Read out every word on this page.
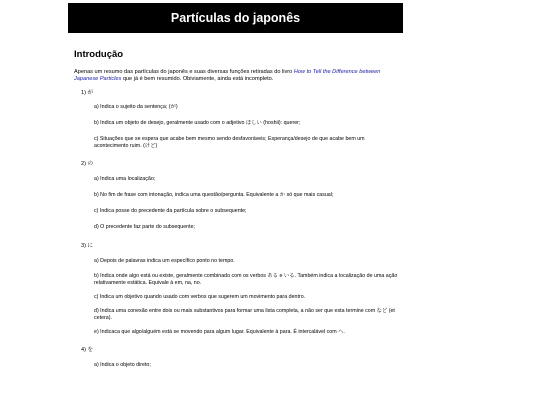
Partículas do japonês
Introdução

Apenas um resumo das partículas do japonês e suas diversas funções retiradas do livro How to Tell the Difference between Japanese Particles que já é bem resumido. Obiviamente, ainda está incompleto.

1) が
a) Indica o sujeito da sentença; (が)
b) Indica um objeto de desejo, geralmente usado com o adjetivo ほしい (hoshii): querer;
c) Situações que se espera que acabe bem mesmo sendo desfavoráveis; Esperança/desejo de que acabe bem um acontecimento ruim. (けど)
2) の
a) Indica uma localização;
b) No fim de frase com intonação, indica uma questão/pergunta. Equivalente a か só que mais casual;
c) Indica posse do precedente da partícula sobre o subsequente;
d) O precedente faz parte do subsequente;
3) に
a) Depois de palavras indica um específico ponto no tempo.
b) Indica onde algo está ou existe, geralmente combinado com os verbos ある e いる. Também indica a localização de uma ação relativamente estática. Equivale à em, na, no.
c) Indica um objetivo quando usado com verbos que sugerem um movimento para dentro.
d) Indica uma conexão entre dois ou mais substantivos para formar uma lista completa, a não ser que esta termine com など (et cetera).
e) Indicaca que algo/alguém está se movendo para algum lugar. Equivalente à para. É intercalável com へ.
4) を
a) Indica o objeto direto;
